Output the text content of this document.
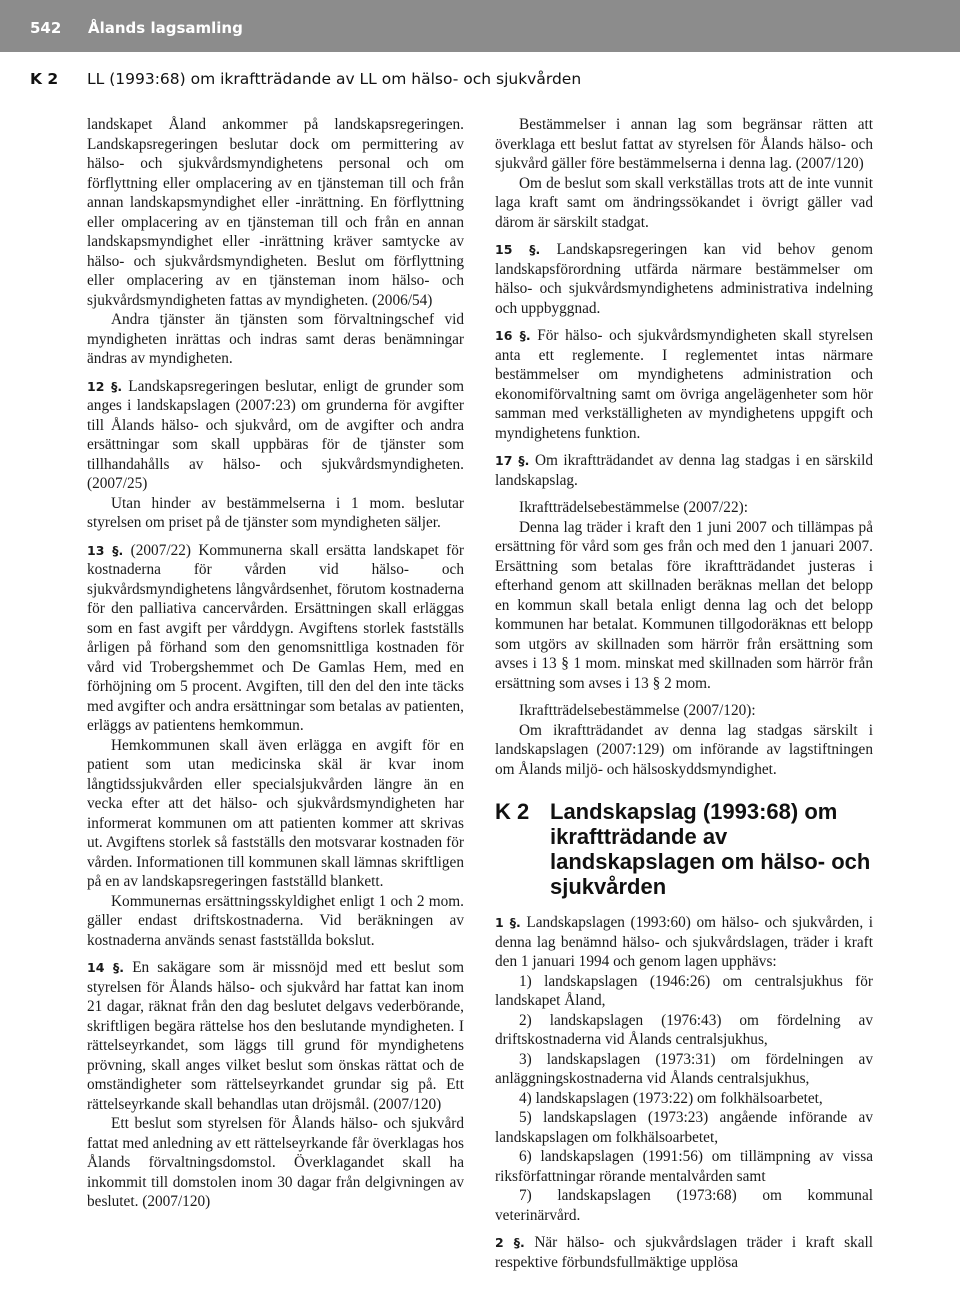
542 Ålands lagsamling
K 2 LL (1993:68) om ikraftträdande av LL om hälso- och sjukvården

landskapet Åland ankommer på landskapsregeringen. Landskapsregeringen beslutar dock om permittering av hälso- och sjukvårdsmyndighetens personal och om förflyttning eller omplacering av en tjänsteman till och från annan landskapsmyndighet eller -inrättning. En förflyttning eller omplacering av en tjänsteman till och från en annan landskapsmyndighet eller -inrättning kräver samtycke av hälso- och sjukvårdsmyndigheten. Beslut om förflyttning eller omplacering av en tjänsteman inom hälso- och sjukvårdsmyndigheten fattas av myndigheten. (2006/54)

Andra tjänster än tjänsten som förvaltningschef vid myndigheten inrättas och indras samt deras benämningar ändras av myndigheten.

12 §. Landskapsregeringen beslutar, enligt de grunder som anges i landskapslagen (2007:23) om grunderna för avgifter till Ålands hälso- och sjukvård, om de avgifter och andra ersättningar som skall uppbäras för de tjänster som tillhandahålls av hälso- och sjukvårdsmyndigheten. (2007/25)

Utan hinder av bestämmelserna i 1 mom. beslutar styrelsen om priset på de tjänster som myndigheten säljer.

13 §. (2007/22) Kommunerna skall ersätta landskapet för kostnaderna för vården vid hälso- och sjukvårdsmyndighetens långvårdsenhet, förutom kostnaderna för den palliativa cancervården. Ersättningen skall erläggas som en fast avgift per vårddygn. Avgiftens storlek fastställs årligen på förhand som den genomsnittliga kostnaden för vård vid Trobergshemmet och De Gamlas Hem, med en förhöjning om 5 procent. Avgiften, till den del den inte täcks med avgifter och andra ersättningar som betalas av patienten, erläggs av patientens hemkommun.

Hemkommunen skall även erlägga en avgift för en patient som utan medicinska skäl är kvar inom långtidssjukvården eller specialsjukvården längre än en vecka efter att det hälso- och sjukvårdsmyndigheten har informerat kommunen om att patienten kommer att skrivas ut. Avgiftens storlek så fastställs den motsvarar kostnaden för vården. Informationen till kommunen skall lämnas skriftligen på en av landskapsregeringen fastställd blankett.

Kommunernas ersättningsskyldighet enligt 1 och 2 mom. gäller endast driftskostnaderna. Vid beräkningen av kostnaderna används senast fastställda bokslut.

14 §. En sakägare som är missnöjd med ett beslut som styrelsen för Ålands hälso- och sjukvård har fattat kan inom 21 dagar, räknat från den dag beslutet delgavs vederbörande, skriftligen begära rättelse hos den beslutande myndigheten. I rättelseyrkandet, som läggs till grund för myndighetens prövning, skall anges vilket beslut som önskas rättat och de omständigheter som rättelseyrkandet grundar sig på. Ett rättelseyrkande skall behandlas utan dröjsmål. (2007/120)

Ett beslut som styrelsen för Ålands hälso- och sjukvård fattat med anledning av ett rättelseyrkande får överklagas hos Ålands förvaltningsdomstol. Överklagandet skall ha inkommit till domstolen inom 30 dagar från delgivningen av beslutet. (2007/120)

Bestämmelser i annan lag som begränsar rätten att överklaga ett beslut fattat av styrelsen för Ålands hälso- och sjukvård gäller före bestämmelserna i denna lag. (2007/120)

Om de beslut som skall verkställas trots att de inte vunnit laga kraft samt om ändringssökandet i övrigt gäller vad därom är särskilt stadgat.

15 §. Landskapsregeringen kan vid behov genom landskapsförordning utfärda närmare bestämmelser om hälso- och sjukvårdsmyndighetens administrativa indelning och uppbyggnad.

16 §. För hälso- och sjukvårdsmyndigheten skall styrelsen anta ett reglemente. I reglementet intas närmare bestämmelser om myndighetens administration och ekonomiförvaltning samt om övriga angelägenheter som hör samman med verkställigheten av myndighetens uppgift och myndighetens funktion.

17 §. Om ikraftträdandet av denna lag stadgas i en särskild landskapslag.

Ikraftträdelsebestämmelse (2007/22):

Denna lag träder i kraft den 1 juni 2007 och tillämpas på ersättning för vård som ges från och med den 1 januari 2007. Ersättning som betalas före ikraftträdandet justeras i efterhand genom att skillnaden beräknas mellan det belopp en kommun skall betala enligt denna lag och det belopp kommunen har betalat. Kommunen tillgodoräknas ett belopp som utgörs av skillnaden som härrör från ersättning som avses i 13 § 1 mom. minskat med skillnaden som härrör från ersättning som avses i 13 § 2 mom.

Ikraftträdelsebestämmelse (2007/120):

Om ikraftträdandet av denna lag stadgas särskilt i landskapslagen (2007:129) om införande av lagstiftningen om Ålands miljö- och hälsoskyddsmyndighet.

K 2 Landskapslag (1993:68) om ikraftträdande av landskapslagen om hälso- och sjukvården

1 §. Landskapslagen (1993:60) om hälso- och sjukvården, i denna lag benämnd hälso- och sjukvårdslagen, träder i kraft den 1 januari 1994 och genom lagen upphävs:

1) landskapslagen (1946:26) om centralsjukhus för landskapet Åland,

2) landskapslagen (1976:43) om fördelning av driftskostnaderna vid Ålands centralsjukhus,

3) landskapslagen (1973:31) om fördelningen av anläggningskostnaderna vid Ålands centralsjukhus,

4) landskapslagen (1973:22) om folkhälsoarbetet,

5) landskapslagen (1973:23) angående införande av landskapslagen om folkhälsoarbetet,

6) landskapslagen (1991:56) om tillämpning av vissa riksförfattningar rörande mentalvården samt

7) landskapslagen (1973:68) om kommunal veterinärvård.

2 §. När hälso- och sjukvårdslagen träder i kraft skall respektive förbundsfullmäktige upplösa
